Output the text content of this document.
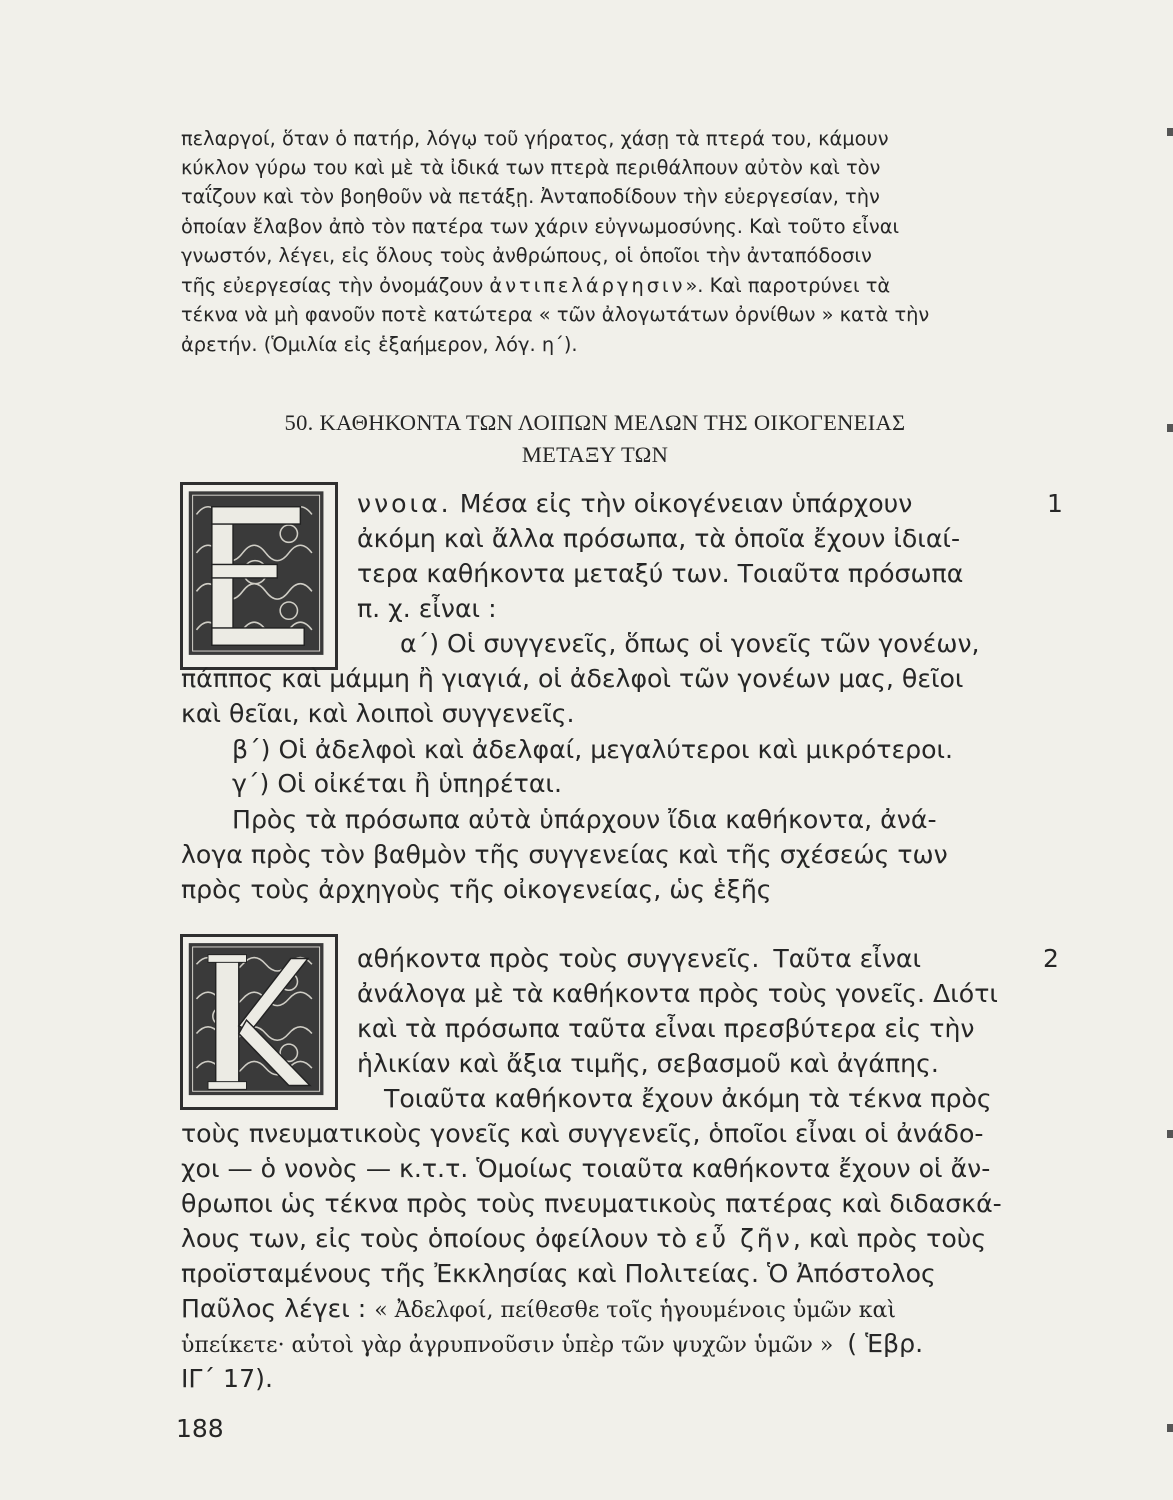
πελαργοί, ὅταν ὁ πατήρ, λόγῳ τοῦ γήρατος, χάσῃ τὰ πτερά του, κάμουν
κύκλον γύρω του καὶ μὲ τὰ ἰδικά των πτερὰ περιθάλπουν αὐτὸν καὶ τὸν
ταΐζουν καὶ τὸν βοηθοῦν νὰ πετάξῃ. Ἀνταποδίδουν τὴν εὐεργεσίαν, τὴν
ὁποίαν ἔλαβον ἀπὸ τὸν πατέρα των χάριν εὐγνωμοσύνης. Καὶ τοῦτο εἶναι
γνωστόν, λέγει, εἰς ὅλους τοὺς ἀνθρώπους, οἱ ὁποῖοι τὴν ἀνταπόδοσιν
τῆς εὐεργεσίας τὴν ὀνομάζουν ἀντιπελάργησιν». Καὶ παροτρύνει τὰ
τέκνα νὰ μὴ φανοῦν ποτὲ κατώτερα « τῶν ἀλογωτάτων ὀρνίθων » κατὰ τὴν
ἀρετήν. (Ὁμιλία εἰς ἑξαήμερον, λόγ. η΄).
50. ΚΑΘΗΚΟΝΤΑ ΤΩΝ ΛΟΙΠΩΝ ΜΕΛΩΝ ΤΗΣ ΟΙΚΟΓΕΝΕΙΑΣ
ΜΕΤΑΞΥ ΤΩΝ
ννοια. Μέσα εἰς τὴν οἰκογένειαν ὑπάρχουν
ἀκόμη καὶ ἄλλα πρόσωπα, τὰ ὁποῖα ἔχουν ἰδιαί-
τερα καθήκοντα μεταξύ των. Τοιαῦτα πρόσωπα
π. χ. εἶναι :
α΄) Οἱ συγγενεῖς, ὅπως οἱ γονεῖς τῶν γονέων,
πάππος καὶ μάμμη ἢ γιαγιά, οἱ ἀδελφοὶ τῶν γονέων μας, θεῖοι
καὶ θεῖαι, καὶ λοιποὶ συγγενεῖς.
β΄) Οἱ ἀδελφοὶ καὶ ἀδελφαί, μεγαλύτεροι καὶ μικρότεροι.
γ΄) Οἱ οἰκέται ἢ ὑπηρέται.
Πρὸς τὰ πρόσωπα αὐτὰ ὑπάρχουν ἴδια καθήκοντα, ἀνά-
λογα πρὸς τὸν βαθμὸν τῆς συγγενείας καὶ τῆς σχέσεώς των
πρὸς τοὺς ἀρχηγοὺς τῆς οἰκογενείας, ὡς ἑξῆς
1
αθήκοντα πρὸς τοὺς συγγενεῖς. Ταῦτα εἶναι
ἀνάλογα μὲ τὰ καθήκοντα πρὸς τοὺς γονεῖς. Διότι
καὶ τὰ πρόσωπα ταῦτα εἶναι πρεσβύτερα εἰς τὴν
ἡλικίαν καὶ ἄξια τιμῆς, σεβασμοῦ καὶ ἀγάπης.
Τοιαῦτα καθήκοντα ἔχουν ἀκόμη τὰ τέκνα πρὸς
τοὺς πνευματικοὺς γονεῖς καὶ συγγενεῖς, ὁποῖοι εἶναι οἱ ἀνάδο-
χοι — ὁ νονὸς — κ.τ.τ. Ὁμοίως τοιαῦτα καθήκοντα ἔχουν οἱ ἄν-
θρωποι ὡς τέκνα πρὸς τοὺς πνευματικοὺς πατέρας καὶ διδασκά-
λους των, εἰς τοὺς ὁποίους ὀφείλουν τὸ εὖ ζῆν, καὶ πρὸς τοὺς
προϊσταμένους τῆς Ἐκκλησίας καὶ Πολιτείας. Ὁ Ἀπόστολος
Παῦλος λέγει : « Ἀδελφοί, πείθεσθε τοῖς ἡγουμένοις ὑμῶν καὶ
ὑπείκετε· αὐτοὶ γὰρ ἀγρυπνοῦσιν ὑπὲρ τῶν ψυχῶν ὑμῶν » ( Ἑβρ.
ΙΓ΄ 17).
2
188
